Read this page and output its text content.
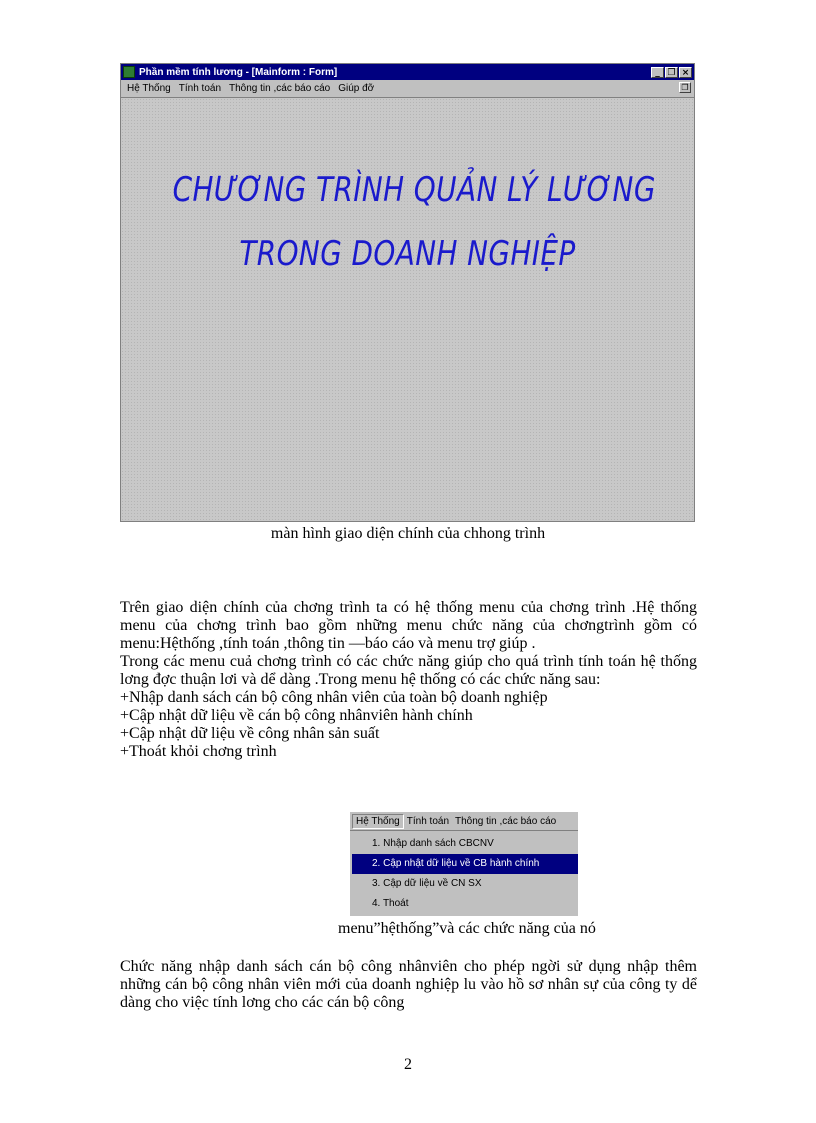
Phần mềm tính lương - [Mainform : Form]	_ ❐ ×
Hệ Thống Tính toán Thông tin ,các báo cáo Giúp đỡ	❐
CHƯƠNG TRÌNH QUẢN LÝ LƯƠNG
TRONG DOANH NGHIỆP
màn hình giao diện chính của chhong trình

Trên giao diện chính của chơng trình ta có hệ thống menu của chơng trình .Hệ thống menu của chơng trình bao gồm những menu chức năng của chơngtrình gồm có menu:Hệthống ,tính toán ,thông tin —báo cáo và menu trợ giúp .

Trong các menu cuả chơng trình có các chức năng giúp cho quá trình tính toán hệ thống lơng đợc thuận lơi và dể dàng .Trong menu hệ thống có các chức năng sau:

+Nhập danh sách cán bộ công nhân viên của toàn bộ doanh nghiệp

+Cập nhật dữ liệu về cán bộ công nhânviên hành chính

+Cập nhật dữ liệu về công nhân sản suất

+Thoát khỏi chơng trình

Hệ Thống Tính toán Thông tin ,các báo cáo
1. Nhập danh sách CBCNV
2. Cập nhật dữ liệu về CB hành chính
3. Cập dữ liệu về CN SX
4. Thoát
menu”hệthống”và các chức năng của nó

Chức năng nhập danh sách cán bộ công nhânviên cho phép ngời sử dụng nhập thêm những cán bộ công nhân viên mới của doanh nghiệp lu vào hồ sơ nhân sự của công ty dể dàng cho việc tính lơng cho các cán bộ công

2
